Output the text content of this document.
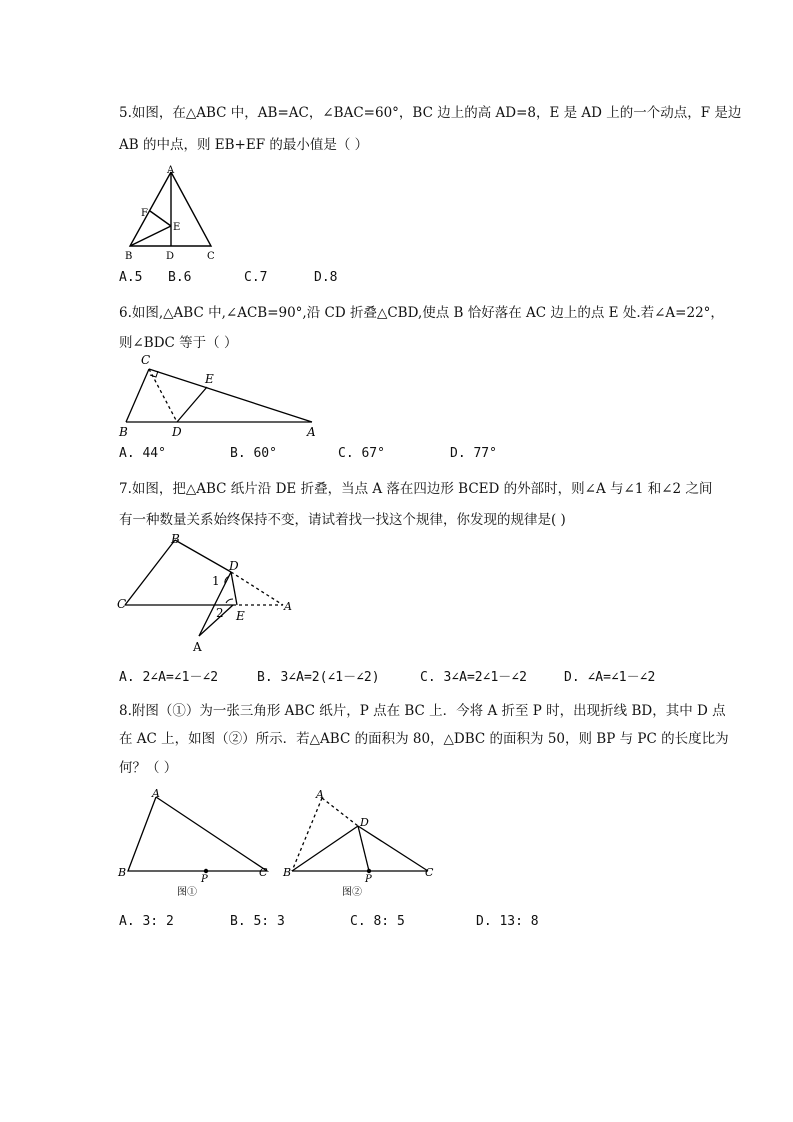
5.如图，在△ABC 中，AB=AC，∠BAC=60°，BC 边上的高 AD=8，E 是 AD 上的一个动点，F 是边
AB 的中点，则 EB+EF 的最小值是（ ）
A
F
E
B	D	C
A.5 B.6	C.7	D.8
6.如图,△ABC 中,∠ACB=90°,沿 CD 折叠△CBD,使点 B 恰好落在 AC 边上的点 E 处.若∠A=22°，
则∠BDC 等于（ ）
C
E
B	D	A
A. 44°	B. 60°	C. 67°	D. 77°
7.如图，把△ABC 纸片沿 DE 折叠，当点 A 落在四边形 BCED 的外部时，则∠A 与∠1 和∠2 之间
有一种数量关系始终保持不变，请试着找一找这个规律，你发现的规律是( )
B
D
1
C
2 E
A
A
A. 2∠A=∠1－∠2	B. 3∠A=2(∠1－∠2)	C. 3∠A=2∠1－∠2	D. ∠A=∠1－∠2
8.附图（①）为一张三角形 ABC 纸片，P 点在 BC 上．今将 A 折至 P 时，出现折线 BD，其中 D 点
在 AC 上，如图（②）所示．若△ABC 的面积为 80，△DBC 的面积为 50，则 BP 与 PC 的长度比为
何？（ ）
A
B	C
P
图①
A
D
B	C
P
图②
A. 3: 2	B. 5: 3	C. 8: 5	D. 13: 8
